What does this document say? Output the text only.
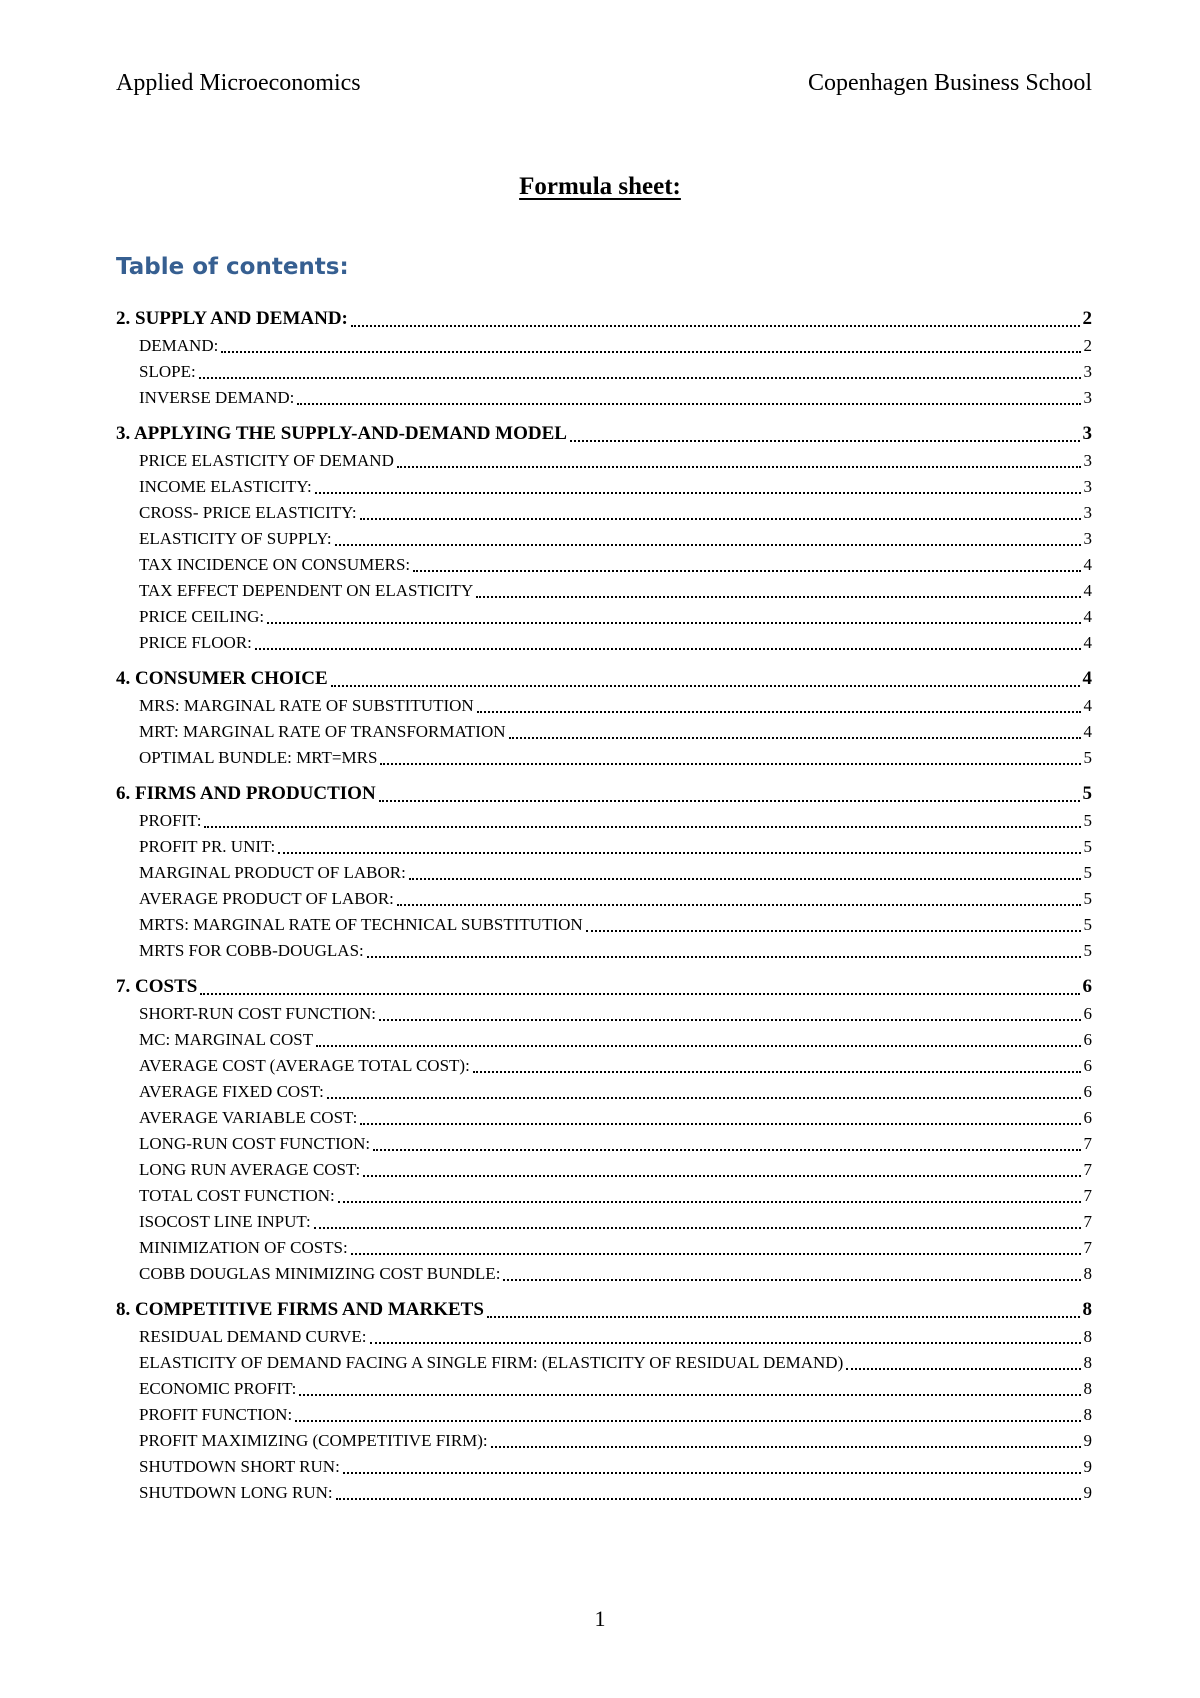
Applied Microeconomics	Copenhagen Business School
Formula sheet:
Table of contents:
2. SUPPLY AND DEMAND:	2
DEMAND:	2
SLOPE:	3
INVERSE DEMAND:	3
3. APPLYING THE SUPPLY-AND-DEMAND MODEL	3
PRICE ELASTICITY OF DEMAND	3
INCOME ELASTICITY:	3
CROSS- PRICE ELASTICITY:	3
ELASTICITY OF SUPPLY:	3
TAX INCIDENCE ON CONSUMERS:	4
TAX EFFECT DEPENDENT ON ELASTICITY	4
PRICE CEILING:	4
PRICE FLOOR:	4
4. CONSUMER CHOICE	4
MRS: MARGINAL RATE OF SUBSTITUTION	4
MRT: MARGINAL RATE OF TRANSFORMATION	4
OPTIMAL BUNDLE: MRT=MRS	5
6. FIRMS AND PRODUCTION	5
PROFIT:	5
PROFIT PR. UNIT:	5
MARGINAL PRODUCT OF LABOR:	5
AVERAGE PRODUCT OF LABOR:	5
MRTS: MARGINAL RATE OF TECHNICAL SUBSTITUTION	5
MRTS FOR COBB-DOUGLAS:	5
7. COSTS	6
SHORT-RUN COST FUNCTION:	6
MC: MARGINAL COST	6
AVERAGE COST (AVERAGE TOTAL COST):	6
AVERAGE FIXED COST:	6
AVERAGE VARIABLE COST:	6
LONG-RUN COST FUNCTION:	7
LONG RUN AVERAGE COST:	7
TOTAL COST FUNCTION:	7
ISOCOST LINE INPUT:	7
MINIMIZATION OF COSTS:	7
COBB DOUGLAS MINIMIZING COST BUNDLE:	8
8. COMPETITIVE FIRMS AND MARKETS	8
RESIDUAL DEMAND CURVE:	8
ELASTICITY OF DEMAND FACING A SINGLE FIRM: (ELASTICITY OF RESIDUAL DEMAND)	8
ECONOMIC PROFIT:	8
PROFIT FUNCTION:	8
PROFIT MAXIMIZING (COMPETITIVE FIRM):	9
SHUTDOWN SHORT RUN:	9
SHUTDOWN LONG RUN:	9
1
